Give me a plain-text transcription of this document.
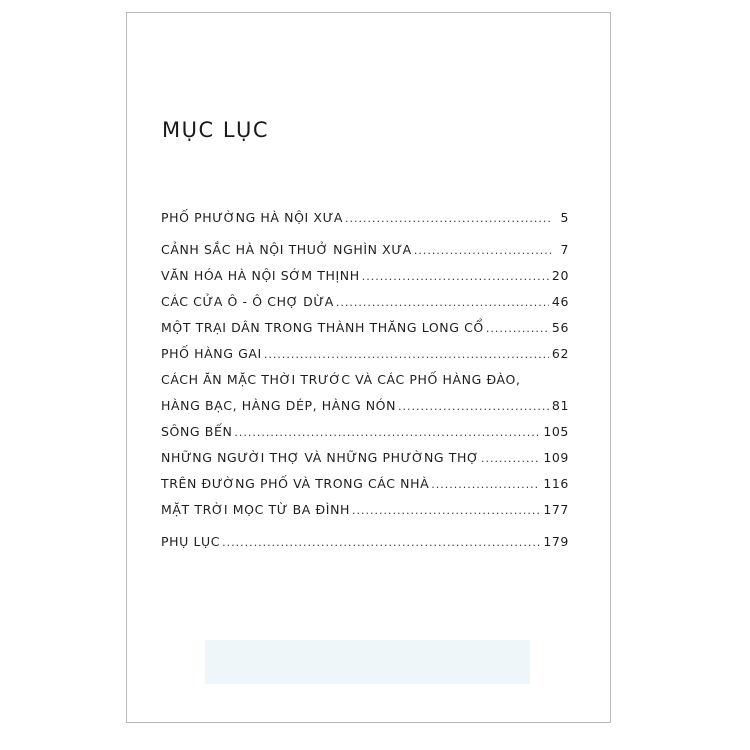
MỤC LỤC
PHỐ PHƯỜNG HÀ NỘI XƯA .....	5
CẢNH SẮC HÀ NỘI THUỞ NGHÌN XƯA .....	7
VĂN HÓA HÀ NỘI SỚM THỊNH .....	20
CÁC CỬA Ô - Ô CHỢ DỪA .....	46
MỘT TRẠI DÂN TRONG THÀNH THĂNG LONG CỔ .....	56
PHỐ HÀNG GAI .....	62
CÁCH ĂN MẶC THỜI TRƯỚC VÀ CÁC PHỐ HÀNG ĐÀO,
HÀNG BẠC, HÀNG DÉP, HÀNG NÓN .....	81
SÔNG BẾN .....	105
NHỮNG NGƯỜI THỢ VÀ NHỮNG PHƯỜNG THỢ .....	109
TRÊN ĐƯỜNG PHỐ VÀ TRONG CÁC NHÀ .....	116
MẶT TRỜI MỌC TỪ BA ĐÌNH .....	177
PHỤ LỤC .....	179
